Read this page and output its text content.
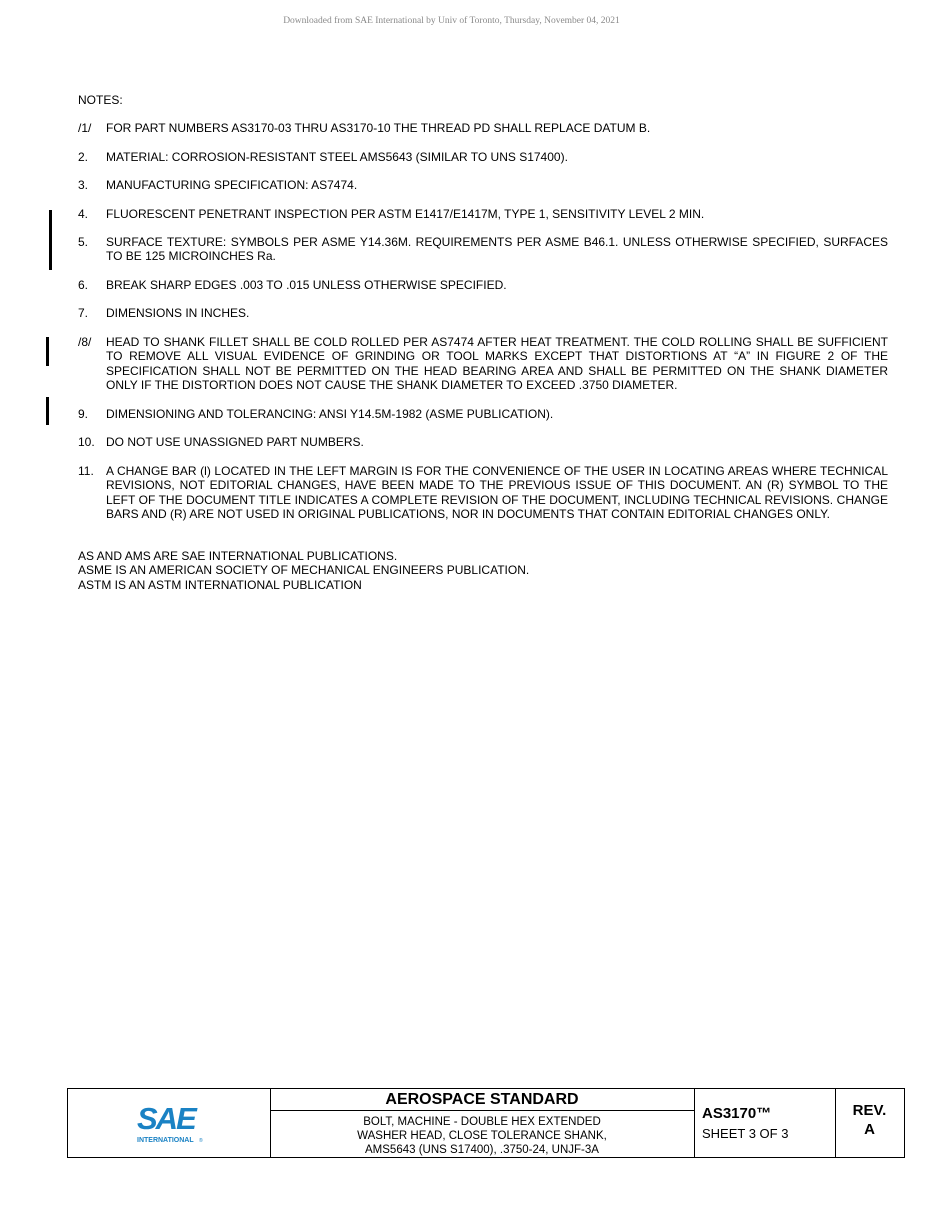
Downloaded from SAE International by Univ of Toronto, Thursday, November 04, 2021
NOTES:
/1/	FOR PART NUMBERS AS3170-03 THRU AS3170-10 THE THREAD PD SHALL REPLACE DATUM B.
2.	MATERIAL: CORROSION-RESISTANT STEEL AMS5643 (SIMILAR TO UNS S17400).
3.	MANUFACTURING SPECIFICATION: AS7474.
4.	FLUORESCENT PENETRANT INSPECTION PER ASTM E1417/E1417M, TYPE 1, SENSITIVITY LEVEL 2 MIN.
5.	SURFACE TEXTURE: SYMBOLS PER ASME Y14.36M. REQUIREMENTS PER ASME B46.1. UNLESS OTHERWISE SPECIFIED, SURFACES TO BE 125 MICROINCHES Ra.
6.	BREAK SHARP EDGES .003 TO .015 UNLESS OTHERWISE SPECIFIED.
7.	DIMENSIONS IN INCHES.
/8/	HEAD TO SHANK FILLET SHALL BE COLD ROLLED PER AS7474 AFTER HEAT TREATMENT. THE COLD ROLLING SHALL BE SUFFICIENT TO REMOVE ALL VISUAL EVIDENCE OF GRINDING OR TOOL MARKS EXCEPT THAT DISTORTIONS AT “A” IN FIGURE 2 OF THE SPECIFICATION SHALL NOT BE PERMITTED ON THE HEAD BEARING AREA AND SHALL BE PERMITTED ON THE SHANK DIAMETER ONLY IF THE DISTORTION DOES NOT CAUSE THE SHANK DIAMETER TO EXCEED .3750 DIAMETER.
9.	DIMENSIONING AND TOLERANCING: ANSI Y14.5M-1982 (ASME PUBLICATION).
10. DO NOT USE UNASSIGNED PART NUMBERS.
11.	A CHANGE BAR (l) LOCATED IN THE LEFT MARGIN IS FOR THE CONVENIENCE OF THE USER IN LOCATING AREAS WHERE TECHNICAL REVISIONS, NOT EDITORIAL CHANGES, HAVE BEEN MADE TO THE PREVIOUS ISSUE OF THIS DOCUMENT. AN (R) SYMBOL TO THE LEFT OF THE DOCUMENT TITLE INDICATES A COMPLETE REVISION OF THE DOCUMENT, INCLUDING TECHNICAL REVISIONS. CHANGE BARS AND (R) ARE NOT USED IN ORIGINAL PUBLICATIONS, NOR IN DOCUMENTS THAT CONTAIN EDITORIAL CHANGES ONLY.
AS AND AMS ARE SAE INTERNATIONAL PUBLICATIONS.
ASME IS AN AMERICAN SOCIETY OF MECHANICAL ENGINEERS PUBLICATION.
ASTM IS AN ASTM INTERNATIONAL PUBLICATION
SAE
INTERNATIONAL ®
AEROSPACE STANDARD
BOLT, MACHINE - DOUBLE HEX EXTENDED
WASHER HEAD, CLOSE TOLERANCE SHANK,
AMS5643 (UNS S17400), .3750-24, UNJF-3A
AS3170™
SHEET 3 OF 3
REV.
A
